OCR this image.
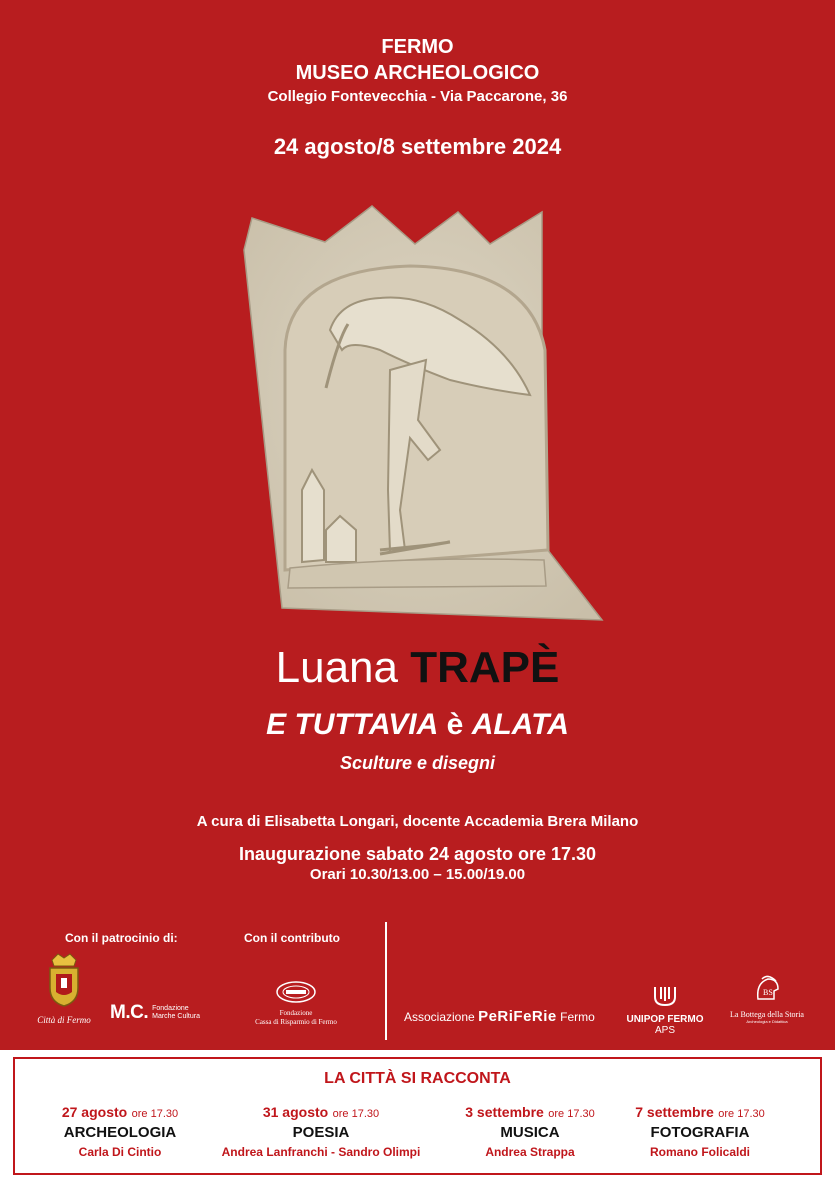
FERMO
MUSEO ARCHEOLOGICO
Collegio Fontevecchia - Via Paccarone, 36
24 agosto/8 settembre 2024
Luana TRAPÈ
E TUTTAVIA è ALATA
Sculture e disegni
A cura di Elisabetta Longari, docente Accademia Brera Milano
Inaugurazione sabato 24 agosto ore 17.30
Orari 10.30/13.00 – 15.00/19.00
Con il patrocinio di:	Con il contributo
Città di Fermo M.C. Fondazione
Marche Cultura	Fondazione
Cassa di Risparmio di Fermo	Associazione PeRiFeRie Fermo	UNIPOP FERMO APS
BS
La Bottega della Storia
Archeologia e Didattica
LA CITTÀ SI RACCONTA
27 agosto ore 17.30
ARCHEOLOGIA
Carla Di Cintio
31 agosto ore 17.30
POESIA
Andrea Lanfranchi - Sandro Olimpi
3 settembre ore 17.30
MUSICA
Andrea Strappa
7 settembre ore 17.30
FOTOGRAFIA
Romano Folicaldi
